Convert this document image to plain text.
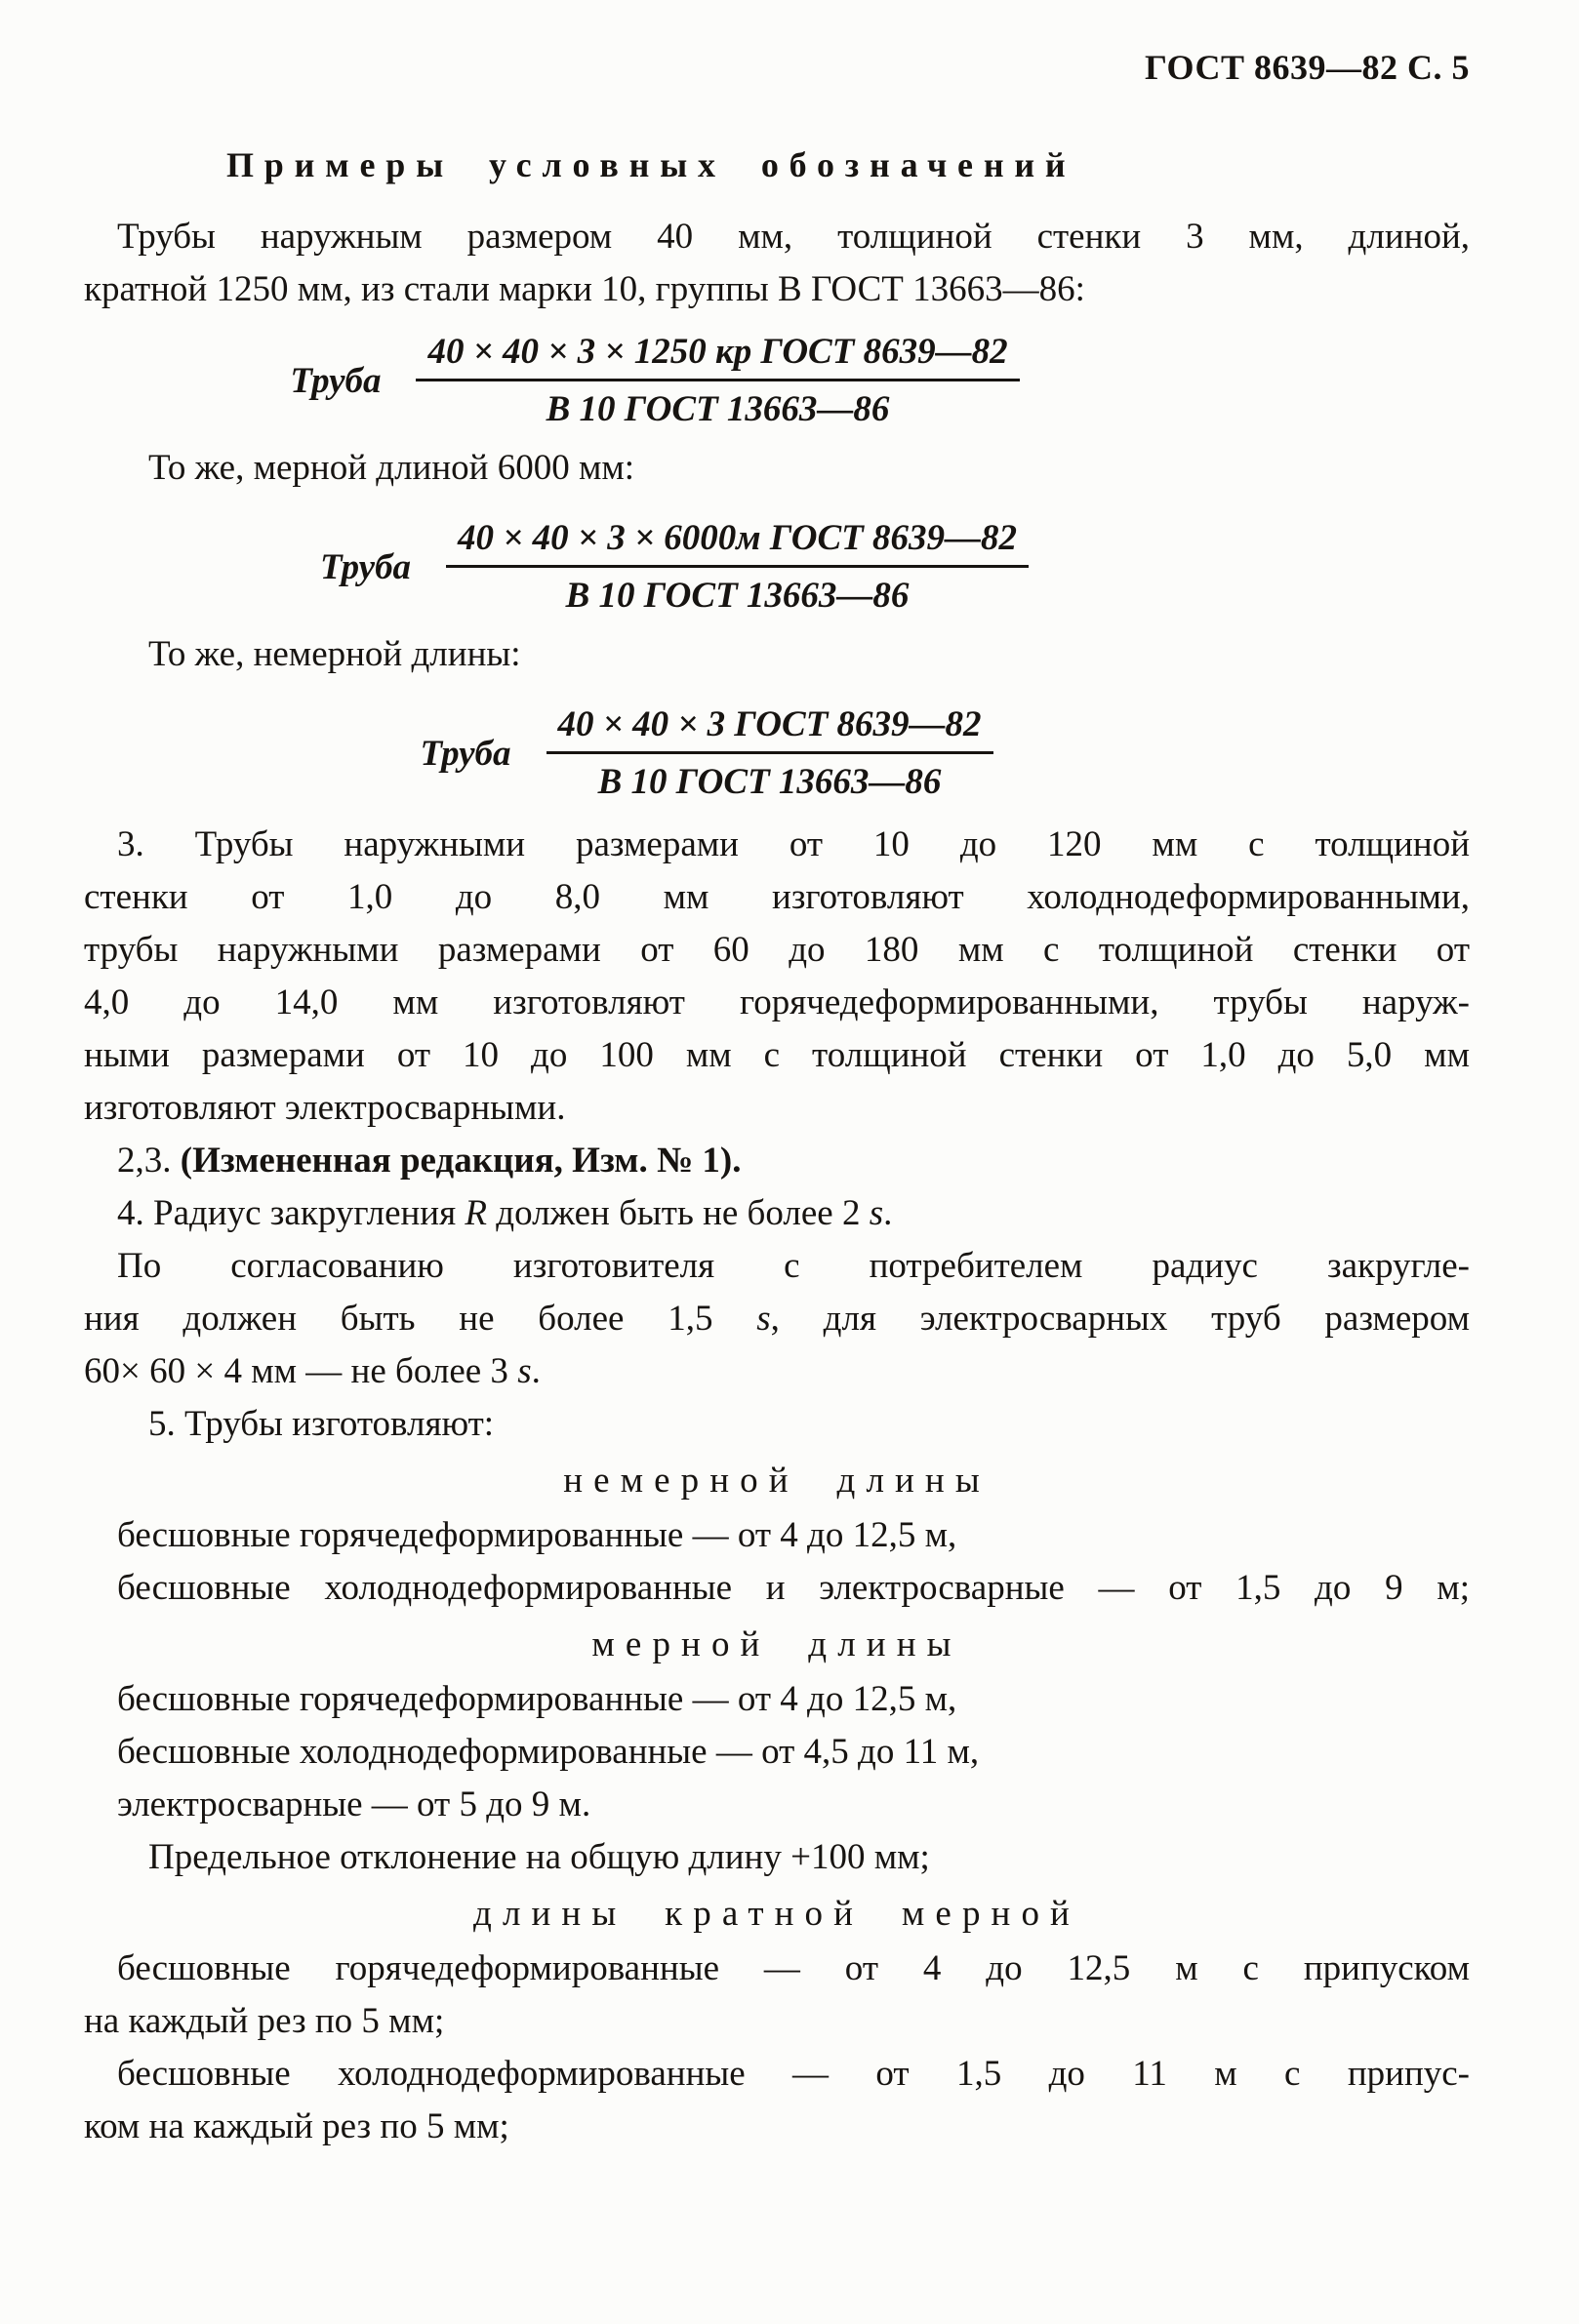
ГОСТ 8639—82 С. 5
Примеры условных обозначений
Трубы наружным размером 40 мм, толщиной стенки 3 мм, длиной,
кратной 1250 мм, из стали марки 10, группы В ГОСТ 13663—86:
Труба $\frac{\text{40 × 40 × 3 × 1250 кр ГОСТ 8639—82}}{\text{В 10 ГОСТ 13663—86}}$
То же, мерной длиной 6000 мм:
Труба $\frac{\text{40 × 40 × 3 × 6000м ГОСТ 8639—82}}{\text{В 10 ГОСТ 13663—86}}$
То же, немерной длины:
Труба $\frac{\text{40 × 40 × 3 ГОСТ 8639—82}}{\text{В 10 ГОСТ 13663—86}}$
3. Трубы наружными размерами от 10 до 120 мм с толщиной
стенки от 1,0 до 8,0 мм изготовляют холоднодеформированными,
трубы наружными размерами от 60 до 180 мм с толщиной стенки от
4,0 до 14,0 мм изготовляют горячедеформированными, трубы наруж-
ными размерами от 10 до 100 мм с толщиной стенки от 1,0 до 5,0 мм
изготовляют электросварными.
2,3. (Измененная редакция, Изм. № 1).
4. Радиус закругления R должен быть не более 2 s.
По согласованию изготовителя с потребителем радиус закругле-
ния должен быть не более 1,5 s, для электросварных труб размером
60× 60 × 4 мм — не более 3 s.
5. Трубы изготовляют:
немерной длины
бесшовные горячедеформированные — от 4 до 12,5 м,
бесшовные холоднодеформированные и электросварные — от 1,5 до 9 м;
мерной длины
бесшовные горячедеформированные — от 4 до 12,5 м,
бесшовные холоднодеформированные — от 4,5 до 11 м,
электросварные — от 5 до 9 м.
Предельное отклонение на общую длину +100 мм;
длины кратной мерной
бесшовные горячедеформированные — от 4 до 12,5 м с припуском
на каждый рез по 5 мм;
бесшовные холоднодеформированные — от 1,5 до 11 м с припус-
ком на каждый рез по 5 мм;
